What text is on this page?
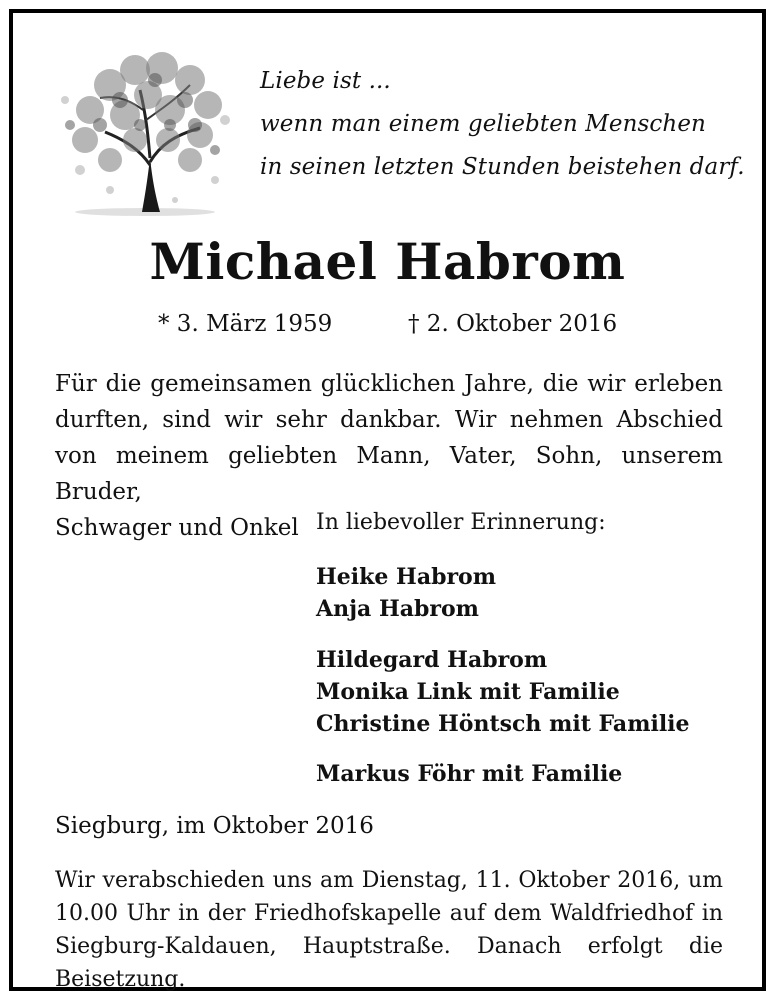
Liebe ist ...
wenn man einem geliebten Menschen
in seinen letzten Stunden beistehen darf.
Michael Habrom
* 3. März 1959	† 2. Oktober 2016
Für die gemeinsamen glücklichen Jahre, die wir erleben
durften, sind wir sehr dankbar. Wir nehmen Abschied
von meinem geliebten Mann, Vater, Sohn, unserem Bruder,
Schwager und Onkel In liebevoller Erinnerung:
Heike Habrom
Anja Habrom
Hildegard Habrom
Monika Link mit Familie
Christine Höntsch mit Familie
Markus Föhr mit Familie
Siegburg, im Oktober 2016
Wir verabschieden uns am Dienstag, 11. Oktober 2016, um
10.00 Uhr in der Friedhofskapelle auf dem Waldfriedhof in
Siegburg-Kaldauen, Hauptstraße. Danach erfolgt die Beisetzung.
